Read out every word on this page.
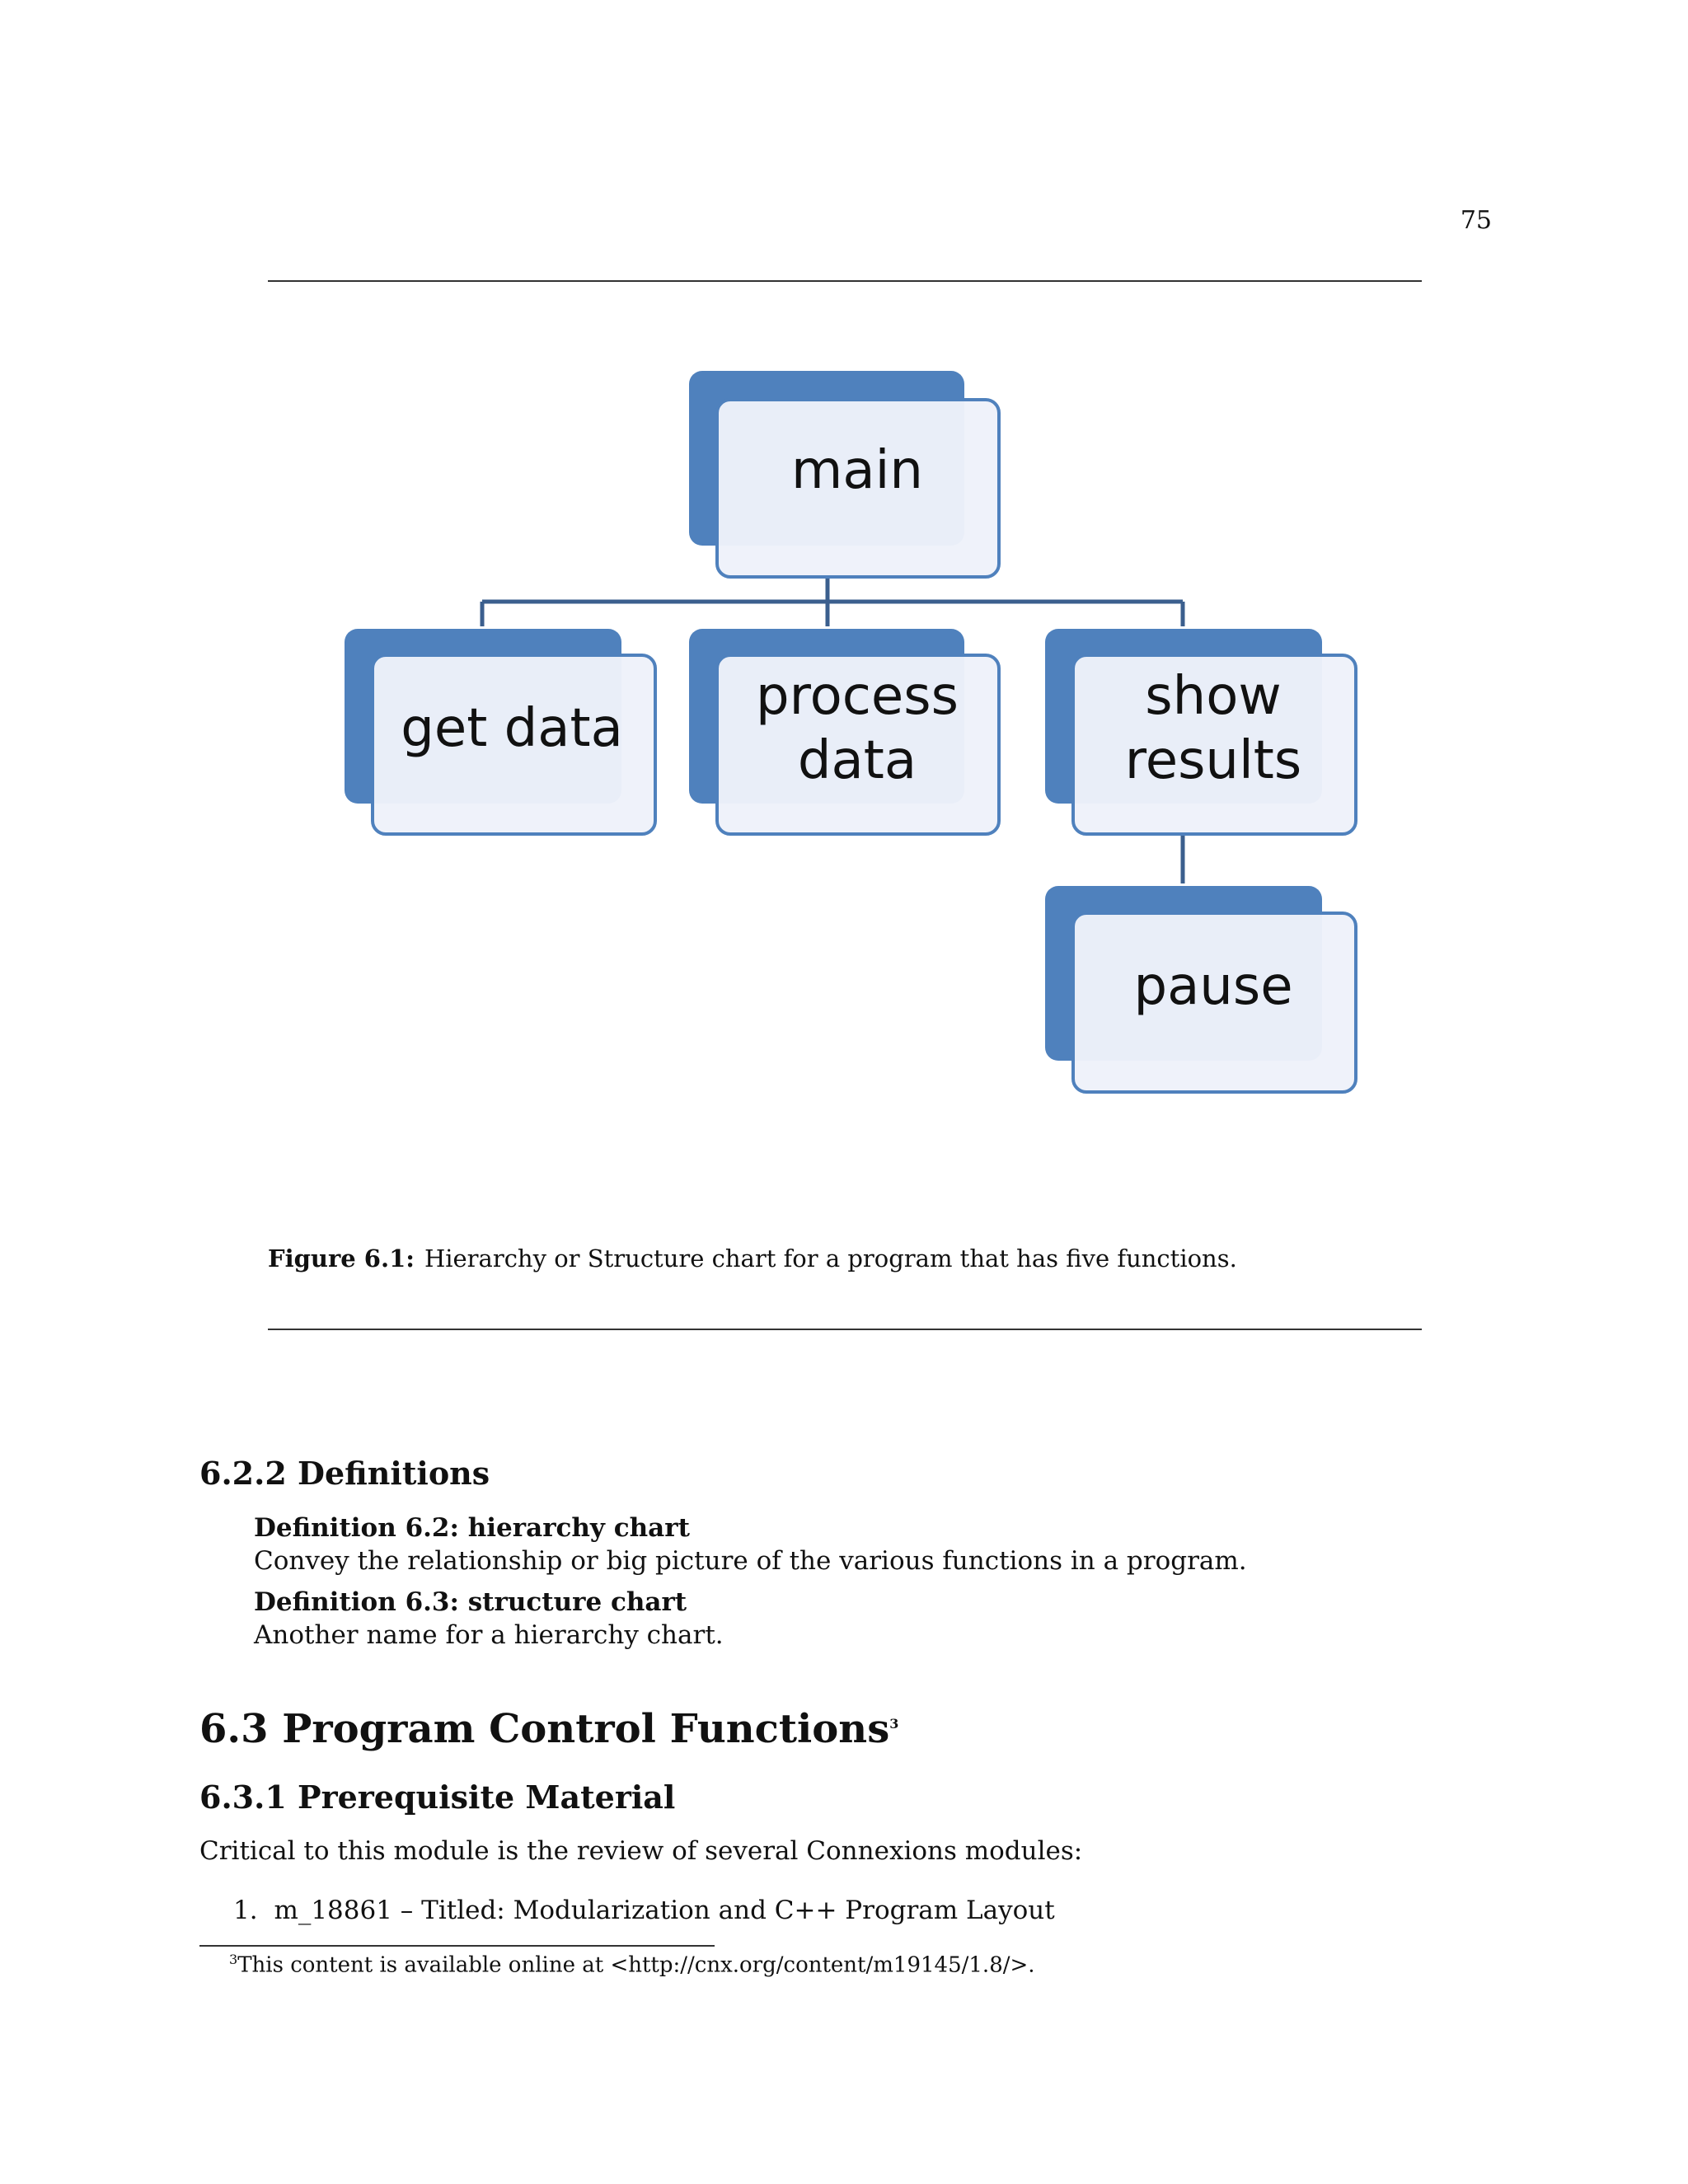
75
main
get data
process data
show results
pause
Figure 6.1: Hierarchy or Structure chart for a program that has five functions.
6.2.2 Definitions
Definition 6.2: hierarchy chart
Convey the relationship or big picture of the various functions in a program.
Definition 6.3: structure chart
Another name for a hierarchy chart.
6.3 Program Control Functions$^3$
6.3.1 Prerequisite Material
Critical to this module is the review of several Connexions modules:
1. m_18861 – Titled: Modularization and C++ Program Layout
$^3$This content is available online at <http://cnx.org/content/m19145/1.8/>.
